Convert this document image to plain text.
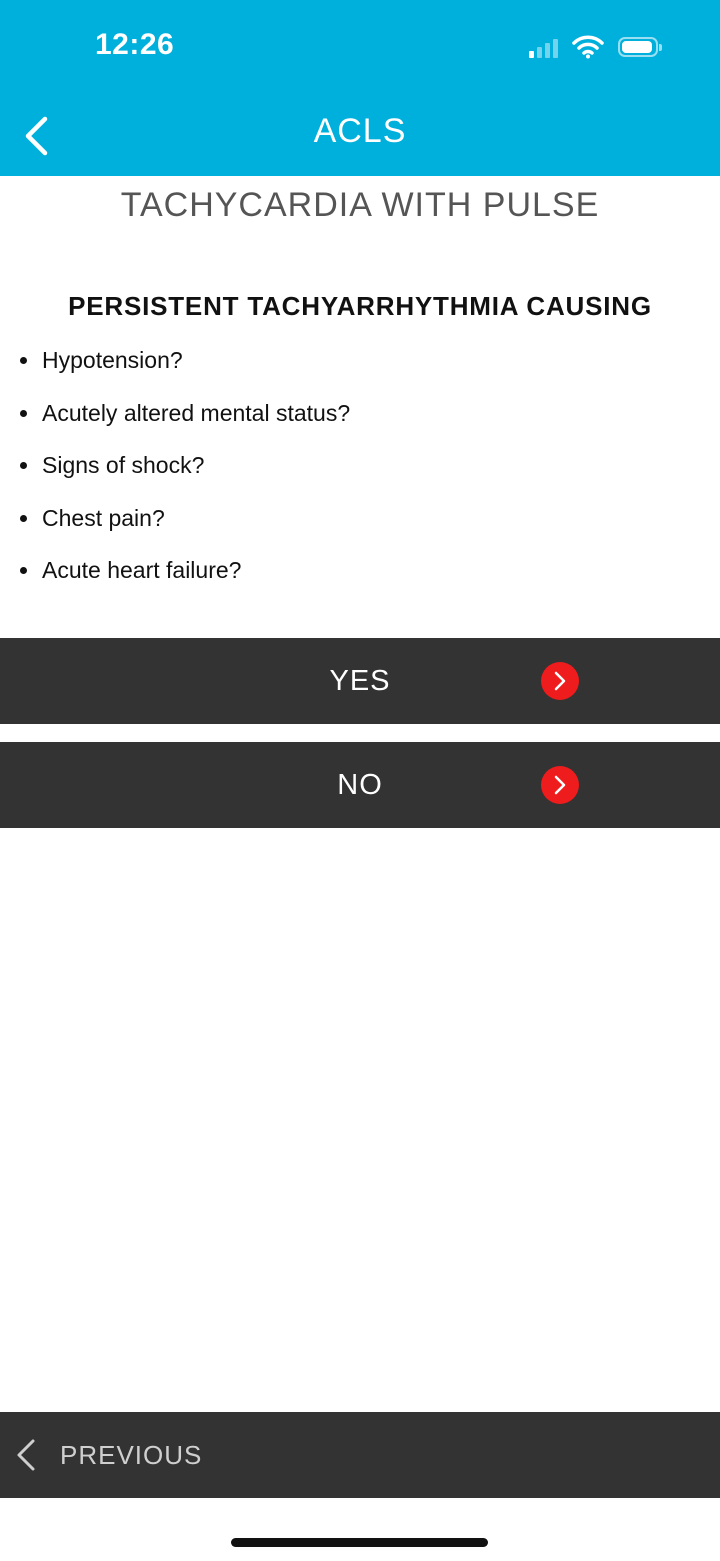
12:26
ACLS
TACHYCARDIA WITH PULSE
PERSISTENT TACHYARRHYTHMIA CAUSING
Hypotension?
Acutely altered mental status?
Signs of shock?
Chest pain?
Acute heart failure?
YES
NO
PREVIOUS
